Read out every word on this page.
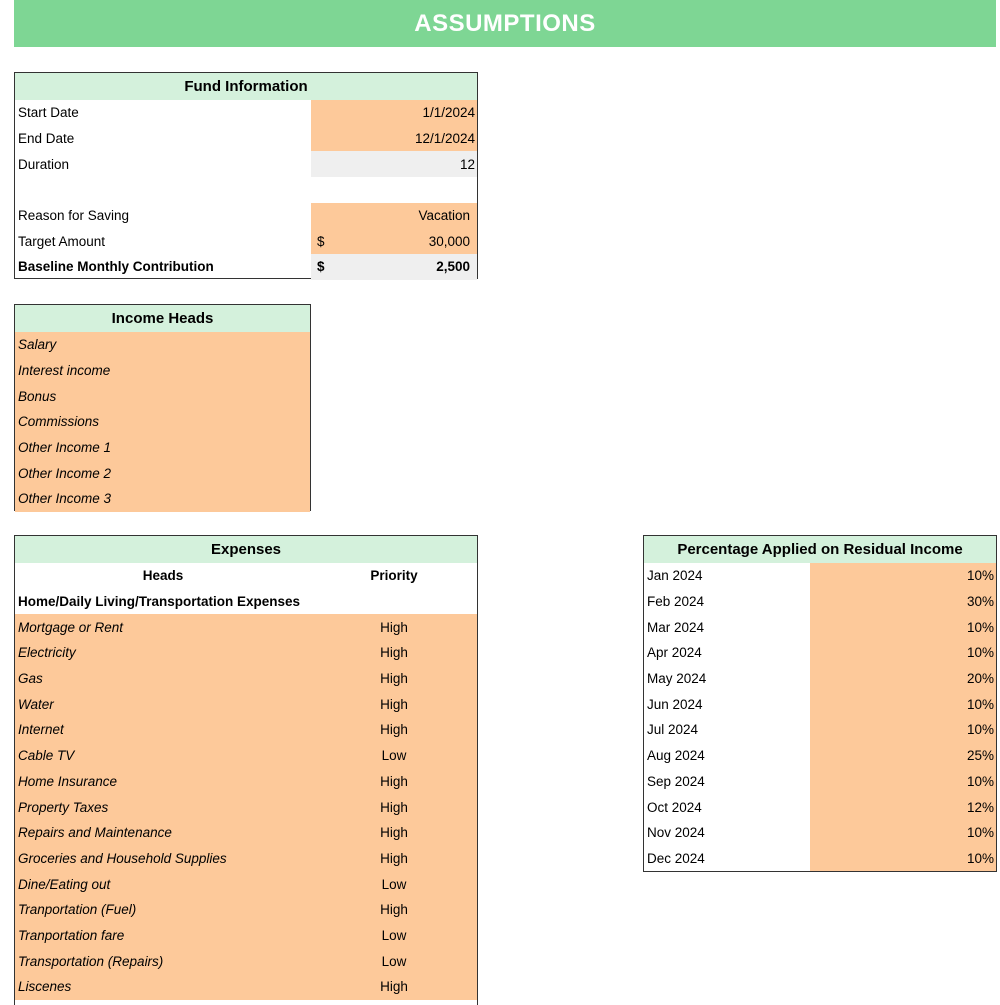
ASSUMPTIONS
Fund Information
Start Date	1/1/2024
End Date	12/1/2024
Duration	12
Reason for Saving	Vacation
Target Amount	$	30,000
Baseline Monthly Contribution	$	2,500
Income Heads
Salary
Interest income
Bonus
Commissions
Other Income 1
Other Income 2
Other Income 3
Expenses
Heads	Priority
Home/Daily Living/Transportation Expenses
Mortgage or Rent	High
Electricity	High
Gas	High
Water	High
Internet	High
Cable TV	Low
Home Insurance	High
Property Taxes	High
Repairs and Maintenance	High
Groceries and Household Supplies	High
Dine/Eating out	Low
Tranportation (Fuel)	High
Tranportation fare	Low
Transportation (Repairs)	Low
Liscenes	High
Percentage Applied on Residual Income
Jan 2024	10%
Feb 2024	30%
Mar 2024	10%
Apr 2024	10%
May 2024	20%
Jun 2024	10%
Jul 2024	10%
Aug 2024	25%
Sep 2024	10%
Oct 2024	12%
Nov 2024	10%
Dec 2024	10%
